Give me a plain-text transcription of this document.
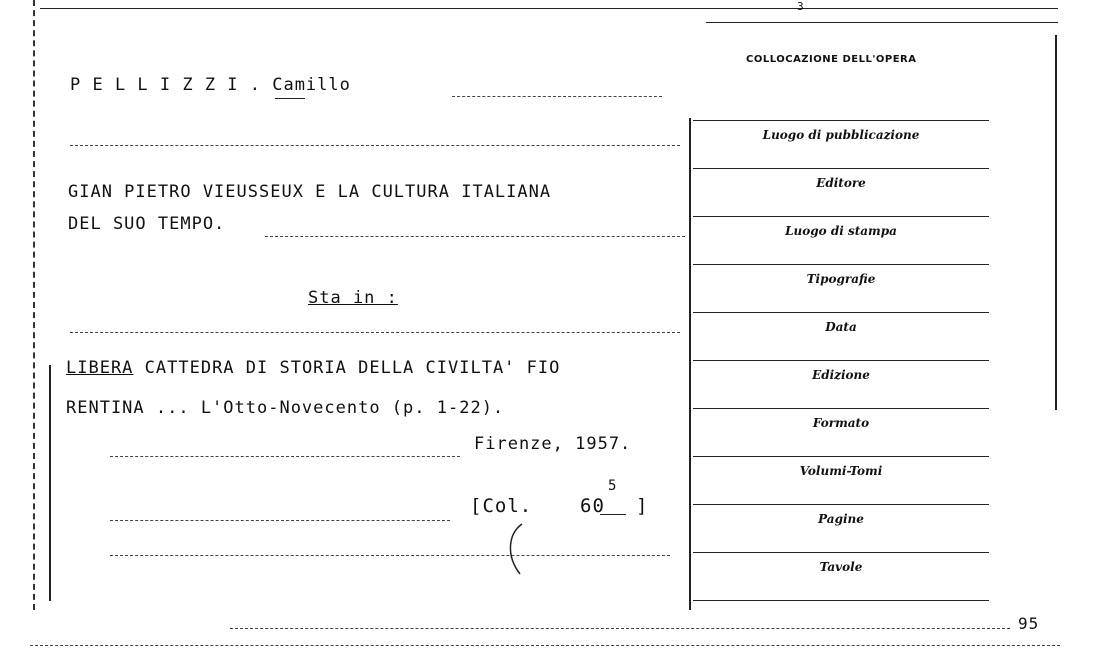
3
P E L L I Z Z I . Camillo
GIAN PIETRO VIEUSSEUX E LA CULTURA ITALIANA
DEL SUO TEMPO.
Sta in :
LIBERA CATTEDRA DI STORIA DELLA CIVILTA' FIO
RENTINA ... L'Otto-Novecento (p. 1-22).
Firenze, 1957.
[Col.	60
5
]
COLLOCAZIONE DELL'OPERA
Luogo di pubblicazione
Editore
Luogo di stampa
Tipografie
Data
Edizione
Formato
Volumi-Tomi
Pagine
Tavole
95
